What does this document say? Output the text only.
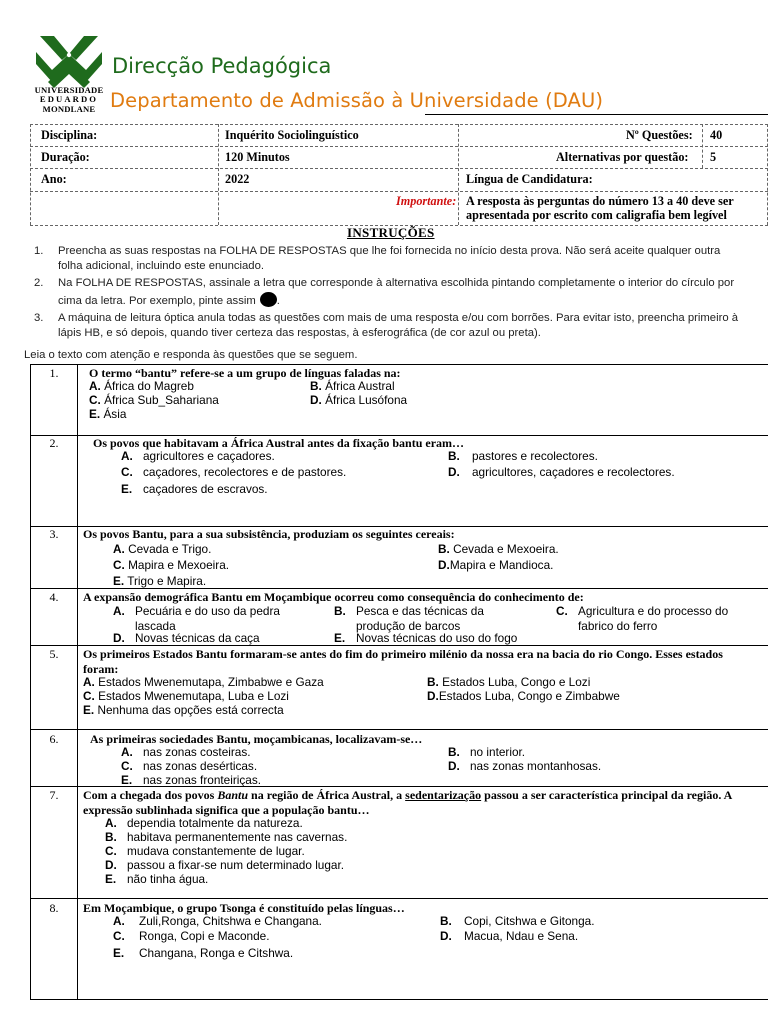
UNIVERSIDADE
EDUARDO
MONDLANE
Direcção Pedagógica
Departamento de Admissão à Universidade (DAU)
Disciplina:	Inquérito Sociolinguístico	Nº Questões: 40
Duração:	120 Minutos	Alternativas por questão: 5
Ano:	2022	Língua de Candidatura:
Importante: A resposta às perguntas do número 13 a 40 deve ser apresentada por escrito com caligrafia bem legível
INSTRUÇÕES
1.	Preencha as suas respostas na FOLHA DE RESPOSTAS que lhe foi fornecida no início desta prova. Não será aceite qualquer outra folha adicional, incluindo este enunciado.
2.	Na FOLHA DE RESPOSTAS, assinale a letra que corresponde à alternativa escolhida pintando completamente o interior do círculo por cima da letra. Por exemplo, pinte assim .
3.	A máquina de leitura óptica anula todas as questões com mais de uma resposta e/ou com borrões. Para evitar isto, preencha primeiro à lápis HB, e só depois, quando tiver certeza das respostas, à esferográfica (de cor azul ou preta).
Leia o texto com atenção e responda às questões que se seguem.
1.	O termo “bantu” refere-se a um grupo de línguas faladas na:
A. África do Magreb	B. África Austral
C. África Sub_Sahariana	D. África Lusófona
E. Ásia
2.	Os povos que habitavam a África Austral antes da fixação bantu eram…
A. agricultores e caçadores.	B. pastores e recolectores.
C. caçadores, recolectores e de pastores.	D. agricultores, caçadores e recolectores.
E. caçadores de escravos.
3.	Os povos Bantu, para a sua subsistência, produziam os seguintes cereais:
A. Cevada e Trigo.	B. Cevada e Mexoeira.
C. Mapira e Mexoeira.	D.Mapira e Mandioca.
E. Trigo e Mapira.
4.	A expansão demográfica Bantu em Moçambique ocorreu como consequência do conhecimento de:
A. Pecuária e do uso da pedra lascada
B. Pesca e das técnicas da produção de barcos
C. Agricultura e do processo do fabrico do ferro
D. Novas técnicas da caça	E. Novas técnicas do uso do fogo
5.	Os primeiros Estados Bantu formaram-se antes do fim do primeiro milénio da nossa era na bacia do rio Congo. Esses estados foram:
A. Estados Mwenemutapa, Zimbabwe e Gaza	B. Estados Luba, Congo e Lozi
C. Estados Mwenemutapa, Luba e Lozi	D.Estados Luba, Congo e Zimbabwe
E. Nenhuma das opções está correcta
6.	As primeiras sociedades Bantu, moçambicanas, localizavam-se…
A. nas zonas costeiras.	B. no interior.
C. nas zonas desérticas.	D. nas zonas montanhosas.
E. nas zonas fronteiriças.
7.	Com a chegada dos povos Bantu na região de África Austral, a sedentarização passou a ser característica principal da região. A expressão sublinhada significa que a população bantu…
A. dependia totalmente da natureza.
B. habitava permanentemente nas cavernas.
C. mudava constantemente de lugar.
D. passou a fixar-se num determinado lugar.
E. não tinha água.
8.	Em Moçambique, o grupo Tsonga é constituído pelas línguas…
A. Zuli,Ronga, Chitshwa e Changana.	B. Copi, Citshwa e Gitonga.
C. Ronga, Copi e Maconde.	D. Macua, Ndau e Sena.
E. Changana, Ronga e Citshwa.
